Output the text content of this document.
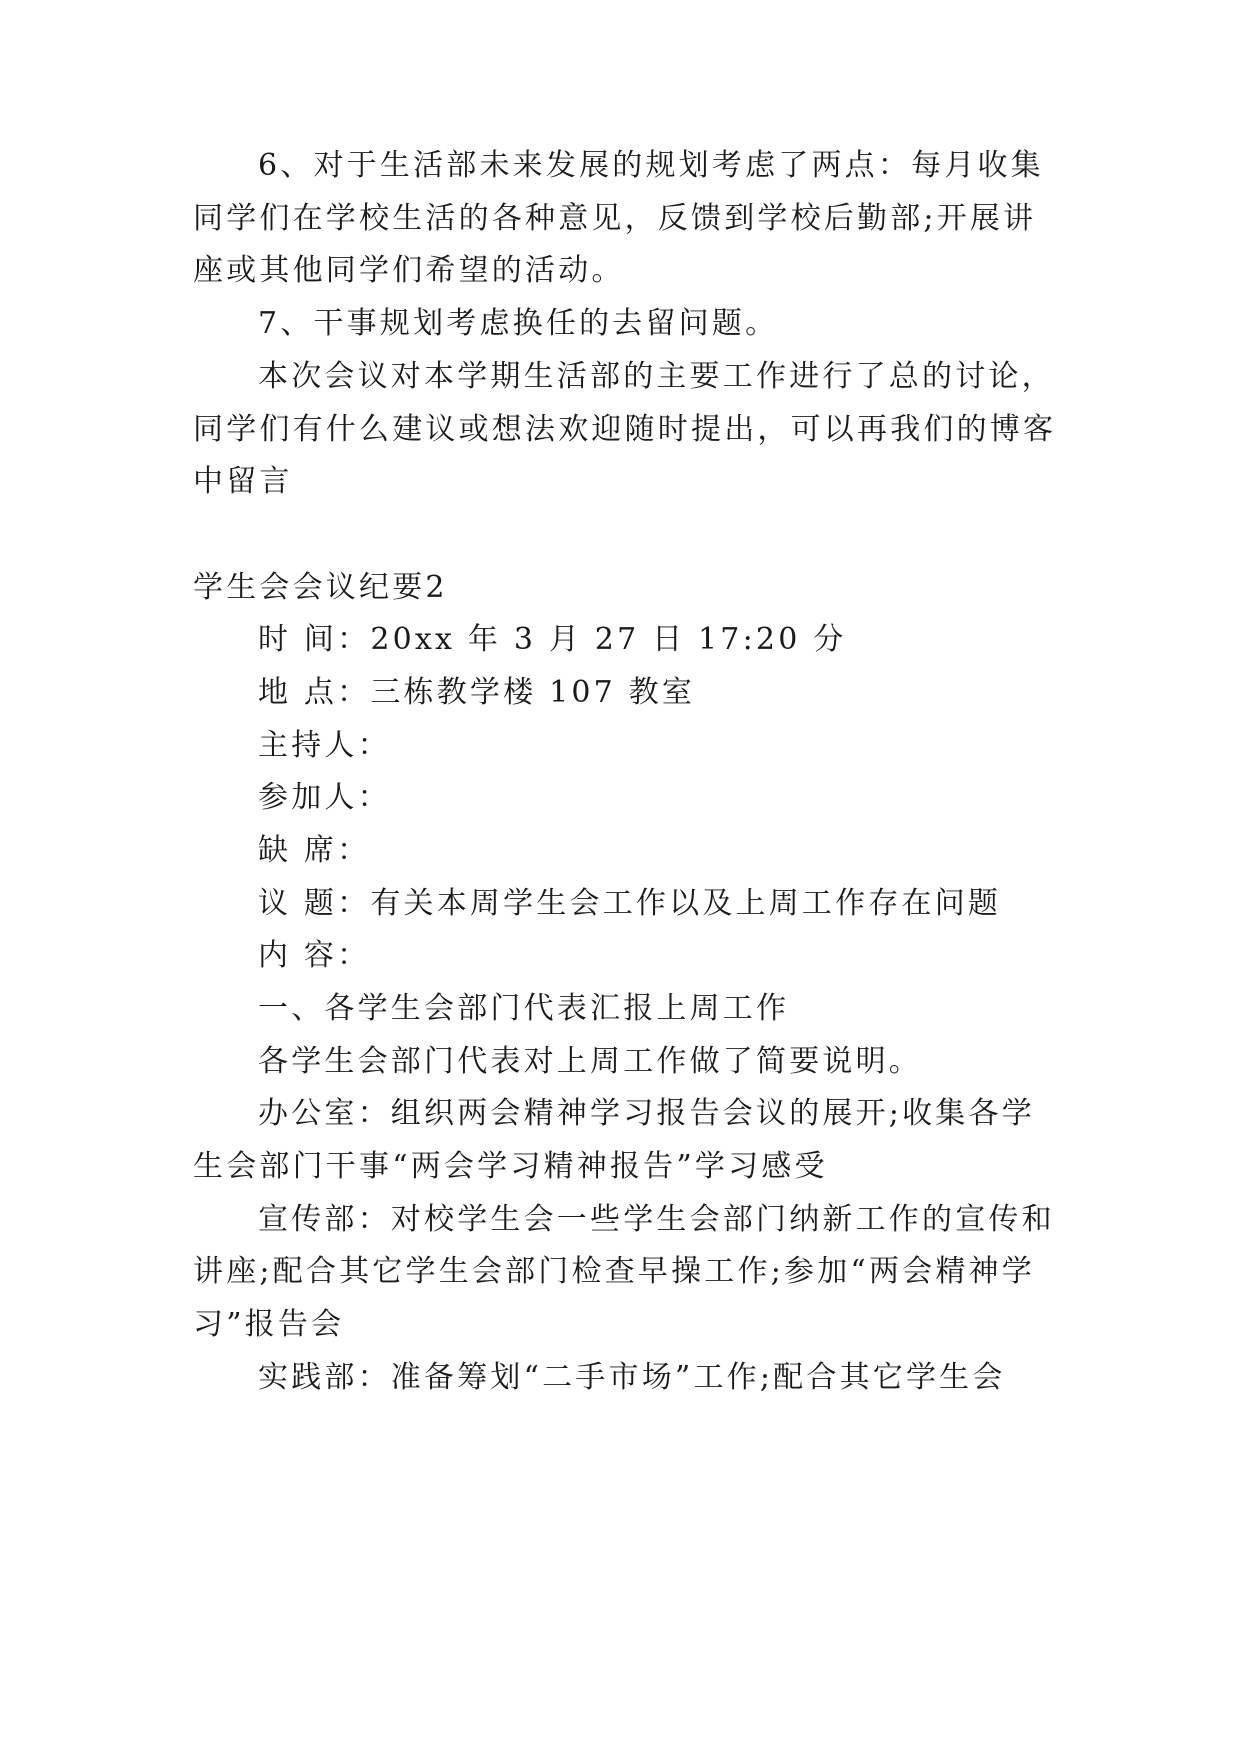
6、对于生活部未来发展的规划考虑了两点：每月收集
同学们在学校生活的各种意见，反馈到学校后勤部;开展讲
座或其他同学们希望的活动。
7、干事规划考虑换任的去留问题。
本次会议对本学期生活部的主要工作进行了总的讨论，
同学们有什么建议或想法欢迎随时提出，可以再我们的博客
中留言
学生会会议纪要2
时 间：20xx 年 3 月 27 日 17:20 分
地 点：三栋教学楼 107 教室
主持人：
参加人：
缺 席：
议 题：有关本周学生会工作以及上周工作存在问题
内 容：
一、各学生会部门代表汇报上周工作
各学生会部门代表对上周工作做了简要说明。
办公室：组织两会精神学习报告会议的展开;收集各学
生会部门干事“两会学习精神报告”学习感受
宣传部：对校学生会一些学生会部门纳新工作的宣传和
讲座;配合其它学生会部门检查早操工作;参加“两会精神学
习”报告会
实践部：准备筹划“二手市场”工作;配合其它学生会
